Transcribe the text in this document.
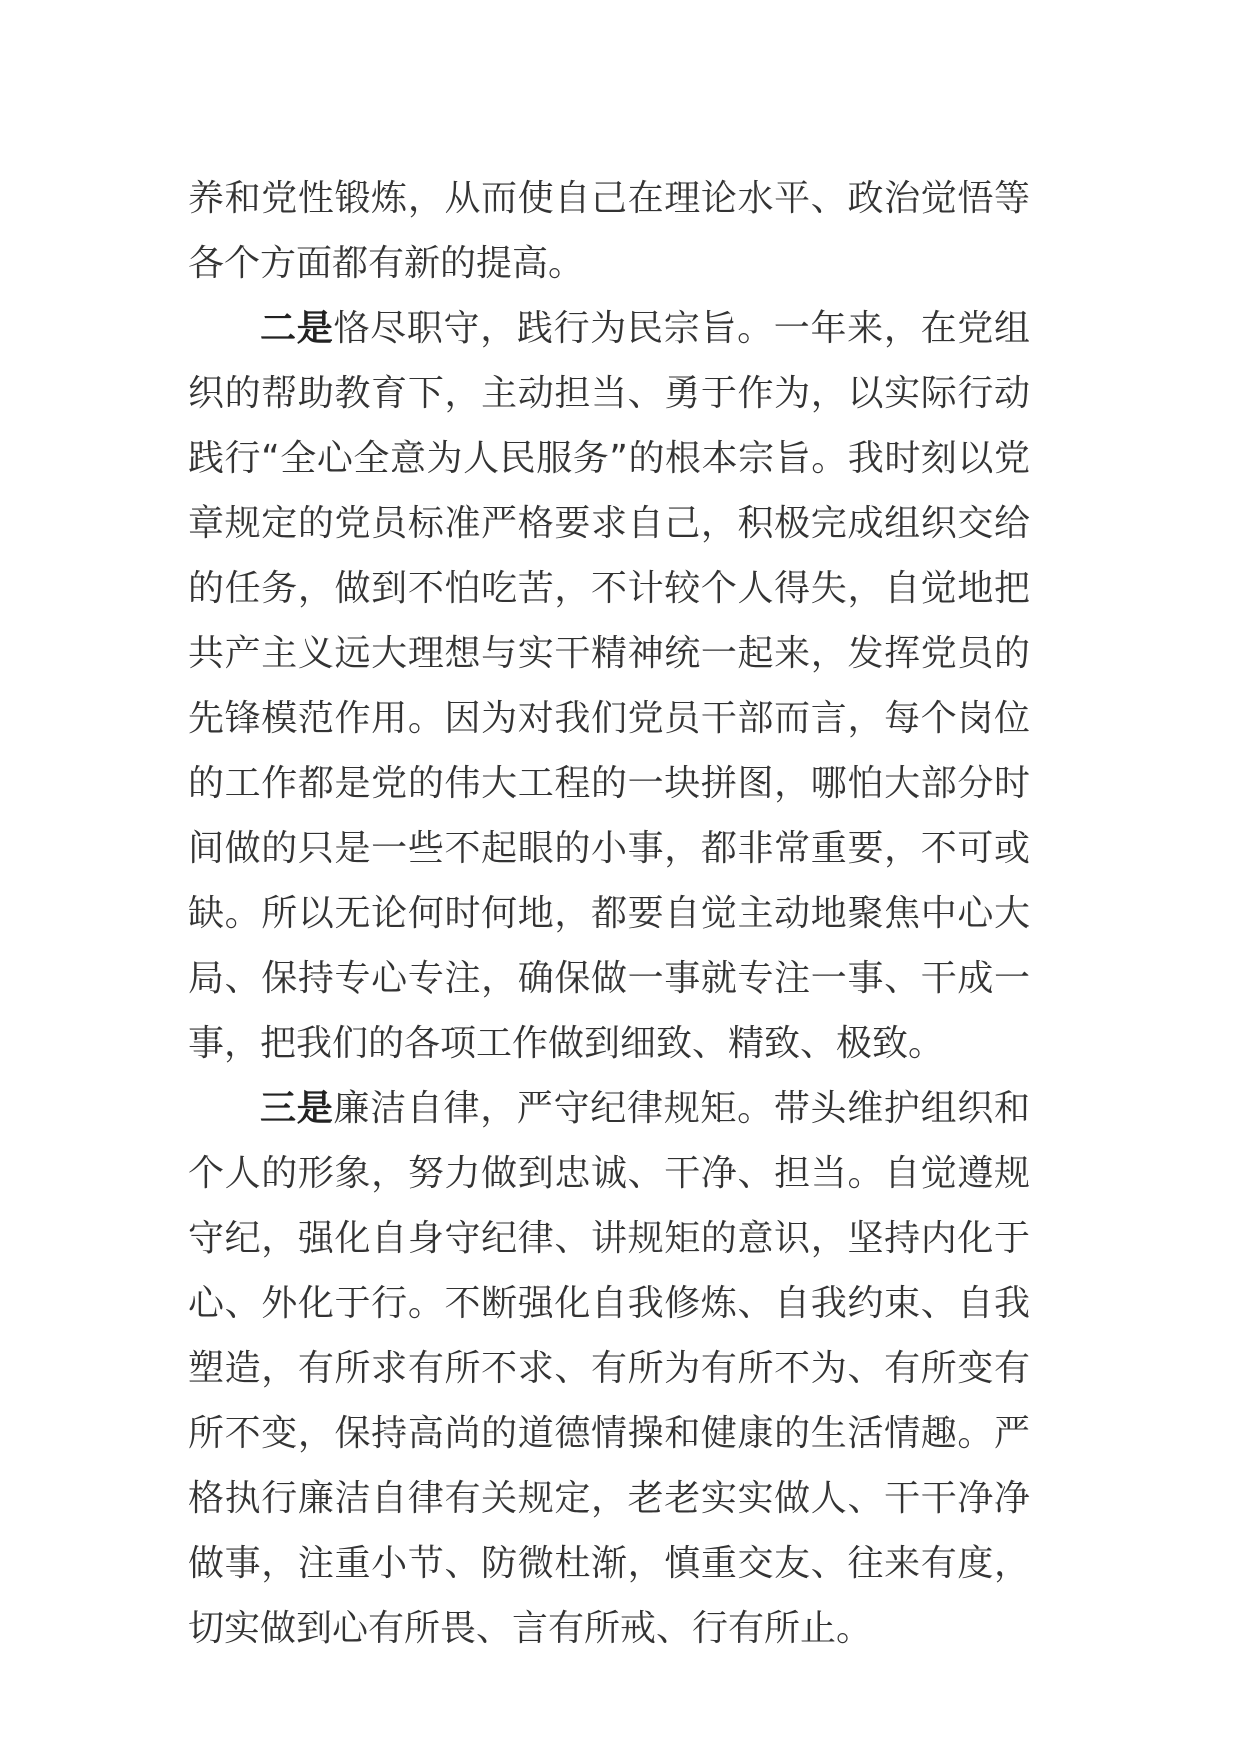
养和党性锻炼，从而使自己在理论水平、政治觉悟等各个方面都有新的提高。

二是恪尽职守，践行为民宗旨。一年来，在党组织的帮助教育下，主动担当、勇于作为，以实际行动践行“全心全意为人民服务”的根本宗旨。我时刻以党章规定的党员标准严格要求自己，积极完成组织交给的任务，做到不怕吃苦，不计较个人得失，自觉地把共产主义远大理想与实干精神统一起来，发挥党员的先锋模范作用。因为对我们党员干部而言，每个岗位的工作都是党的伟大工程的一块拼图，哪怕大部分时间做的只是一些不起眼的小事，都非常重要，不可或缺。所以无论何时何地，都要自觉主动地聚焦中心大局、保持专心专注，确保做一事就专注一事、干成一事，把我们的各项工作做到细致、精致、极致。

三是廉洁自律，严守纪律规矩。带头维护组织和个人的形象，努力做到忠诚、干净、担当。自觉遵规守纪，强化自身守纪律、讲规矩的意识，坚持内化于心、外化于行。不断强化自我修炼、自我约束、自我塑造，有所求有所不求、有所为有所不为、有所变有所不变，保持高尚的道德情操和健康的生活情趣。严格执行廉洁自律有关规定，老老实实做人、干干净净做事，注重小节、防微杜渐，慎重交友、往来有度，切实做到心有所畏、言有所戒、行有所止。
